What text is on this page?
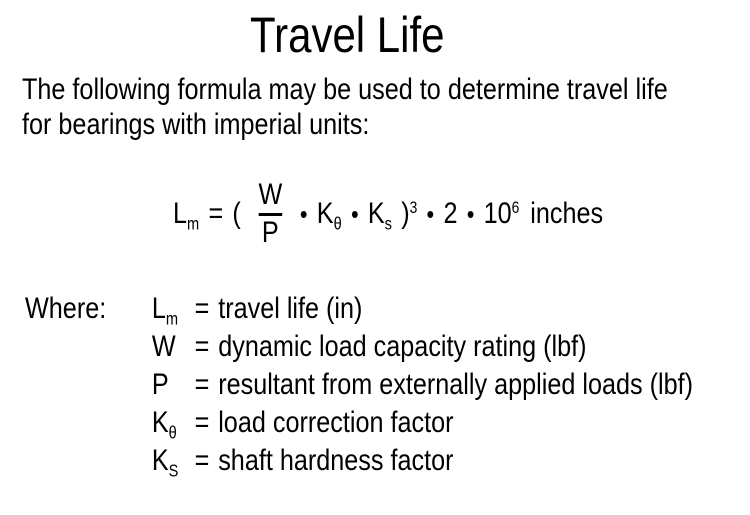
Travel Life
The following formula may be used to determine travel life
for bearings with imperial units:
Lm = ( $\frac{W}{P}$ • Kθ • Ks )3 • 2 • 106 inches
Where:	Lm = travel life (in)
W = dynamic load capacity rating (lbf)
P = resultant from externally applied loads (lbf)
Kθ = load correction factor
KS = shaft hardness factor
